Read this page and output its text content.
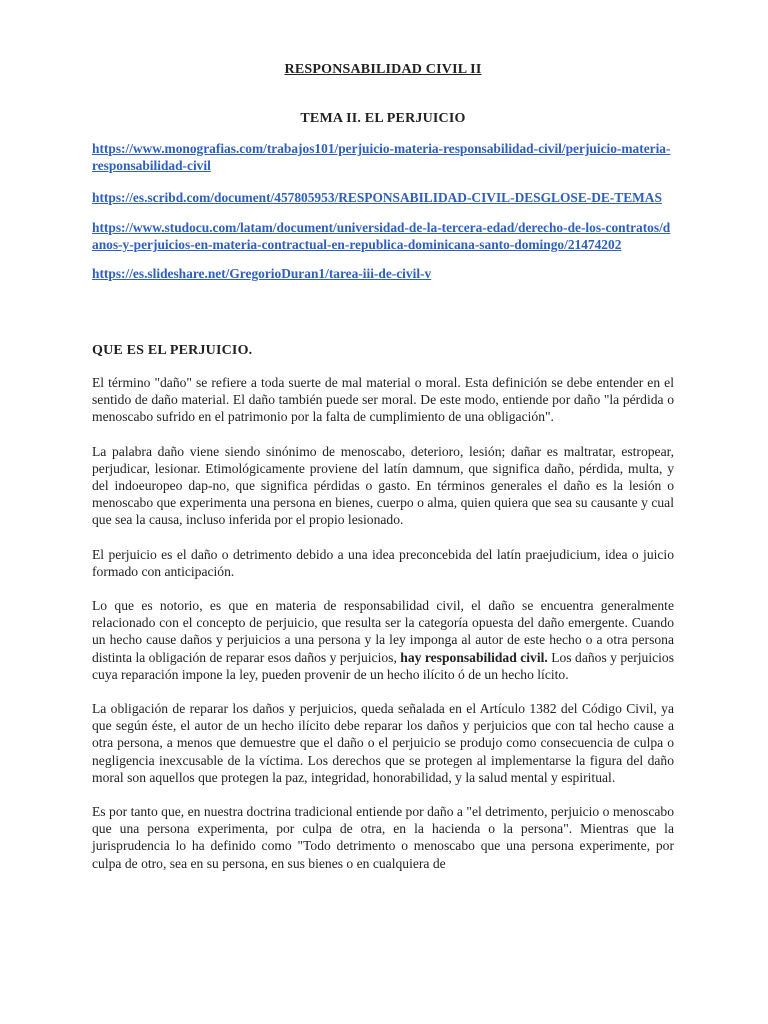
RESPONSABILIDAD CIVIL II
TEMA II. EL PERJUICIO
https://www.monografias.com/trabajos101/perjuicio-materia-responsabilidad-civil/perjuicio-materia-responsabilidad-civil
https://es.scribd.com/document/457805953/RESPONSABILIDAD-CIVIL-DESGLOSE-DE-TEMAS
https://www.studocu.com/latam/document/universidad-de-la-tercera-edad/derecho-de-los-contratos/danos-y-perjuicios-en-materia-contractual-en-republica-dominicana-santo-domingo/21474202
https://es.slideshare.net/GregorioDuran1/tarea-iii-de-civil-v
QUE ES EL PERJUICIO.

El término "daño" se refiere a toda suerte de mal material o moral. Esta definición se debe entender en el sentido de daño material. El daño también puede ser moral. De este modo, entiende por daño "la pérdida o menoscabo sufrido en el patrimonio por la falta de cumplimiento de una obligación".

La palabra daño viene siendo sinónimo de menoscabo, deterioro, lesión; dañar es maltratar, estropear, perjudicar, lesionar. Etimológicamente proviene del latín damnum, que significa daño, pérdida, multa, y del indoeuropeo dap-no, que significa pérdidas o gasto. En términos generales el daño es la lesión o menoscabo que experimenta una persona en bienes, cuerpo o alma, quien quiera que sea su causante y cual que sea la causa, incluso inferida por el propio lesionado.

El perjuicio es el daño o detrimento debido a una idea preconcebida del latín praejudicium, idea o juicio formado con anticipación.

Lo que es notorio, es que en materia de responsabilidad civil, el daño se encuentra generalmente relacionado con el concepto de perjuicio, que resulta ser la categoría opuesta del daño emergente. Cuando un hecho cause daños y perjuicios a una persona y la ley imponga al autor de este hecho o a otra persona distinta la obligación de reparar esos daños y perjuicios, hay responsabilidad civil. Los daños y perjuicios cuya reparación impone la ley, pueden provenir de un hecho ilícito ó de un hecho lícito.

La obligación de reparar los daños y perjuicios, queda señalada en el Artículo 1382 del Código Civil, ya que según éste, el autor de un hecho ilícito debe reparar los daños y perjuicios que con tal hecho cause a otra persona, a menos que demuestre que el daño o el perjuicio se produjo como consecuencia de culpa o negligencia inexcusable de la víctima. Los derechos que se protegen al implementarse la figura del daño moral son aquellos que protegen la paz, integridad, honorabilidad, y la salud mental y espiritual.

Es por tanto que, en nuestra doctrina tradicional entiende por daño a "el detrimento, perjuicio o menoscabo que una persona experimenta, por culpa de otra, en la hacienda o la persona". Mientras que la jurisprudencia lo ha definido como "Todo detrimento o menoscabo que una persona experimente, por culpa de otro, sea en su persona, en sus bienes o en cualquiera de
